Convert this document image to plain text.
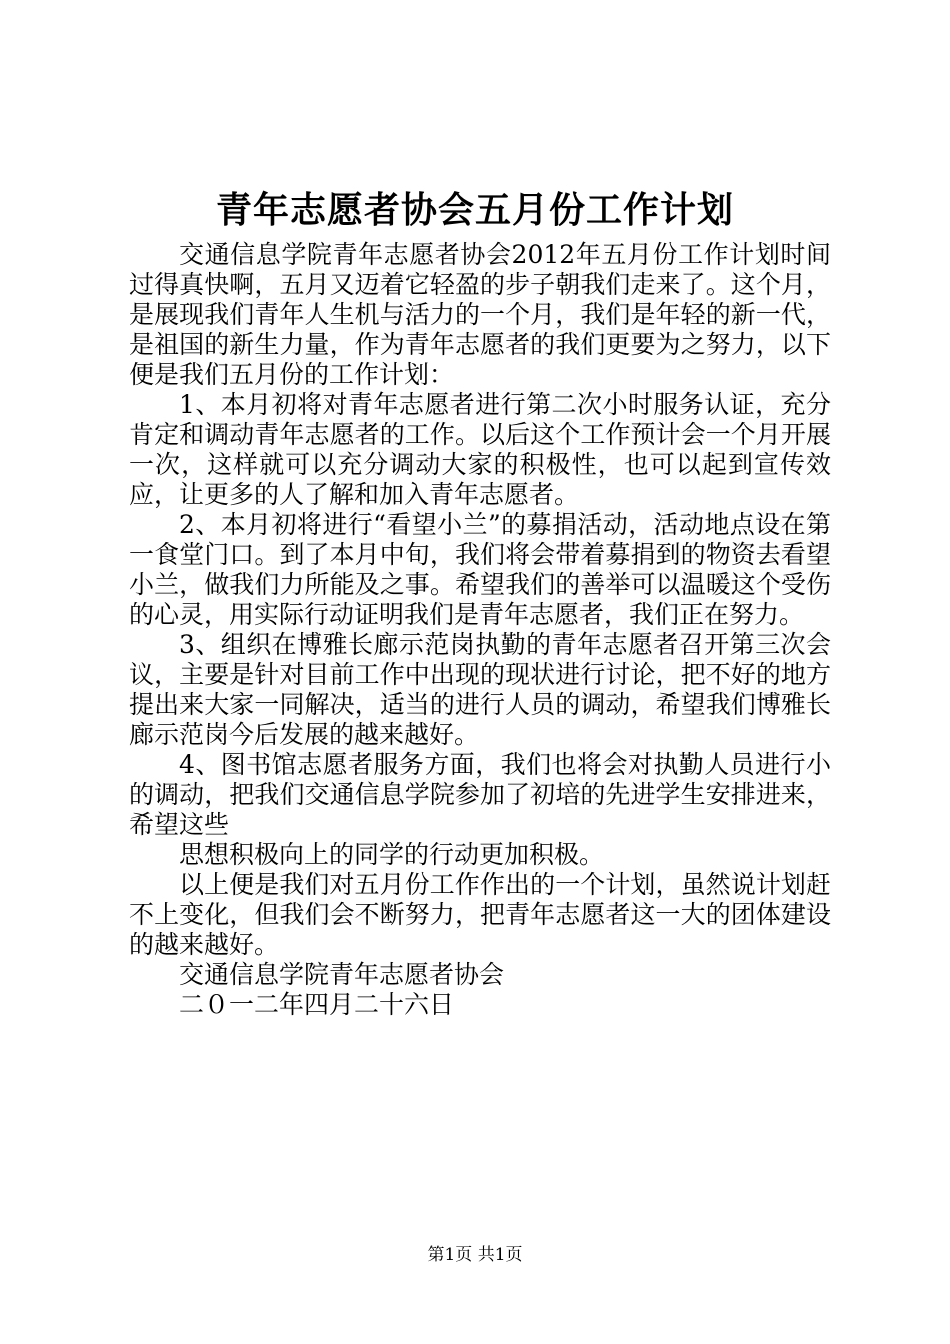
青年志愿者协会五月份工作计划

交通信息学院青年志愿者协会2012年五月份工作计划时间过得真快啊，五月又迈着它轻盈的步子朝我们走来了。这个月，是展现我们青年人生机与活力的一个月，我们是年轻的新一代，是祖国的新生力量，作为青年志愿者的我们更要为之努力，以下便是我们五月份的工作计划：

1、本月初将对青年志愿者进行第二次小时服务认证，充分肯定和调动青年志愿者的工作。以后这个工作预计会一个月开展一次，这样就可以充分调动大家的积极性，也可以起到宣传效应，让更多的人了解和加入青年志愿者。

2、本月初将进行“看望小兰”的募捐活动，活动地点设在第一食堂门口。到了本月中旬，我们将会带着募捐到的物资去看望小兰，做我们力所能及之事。希望我们的善举可以温暖这个受伤的心灵，用实际行动证明我们是青年志愿者，我们正在努力。

3、组织在博雅长廊示范岗执勤的青年志愿者召开第三次会议，主要是针对目前工作中出现的现状进行讨论，把不好的地方提出来大家一同解决，适当的进行人员的调动，希望我们博雅长廊示范岗今后发展的越来越好。

4、图书馆志愿者服务方面，我们也将会对执勤人员进行小的调动，把我们交通信息学院参加了初培的先进学生安排进来，希望这些

思想积极向上的同学的行动更加积极。

以上便是我们对五月份工作作出的一个计划，虽然说计划赶不上变化，但我们会不断努力，把青年志愿者这一大的团体建设的越来越好。

交通信息学院青年志愿者协会

二０一二年四月二十六日

第1页 共1页
